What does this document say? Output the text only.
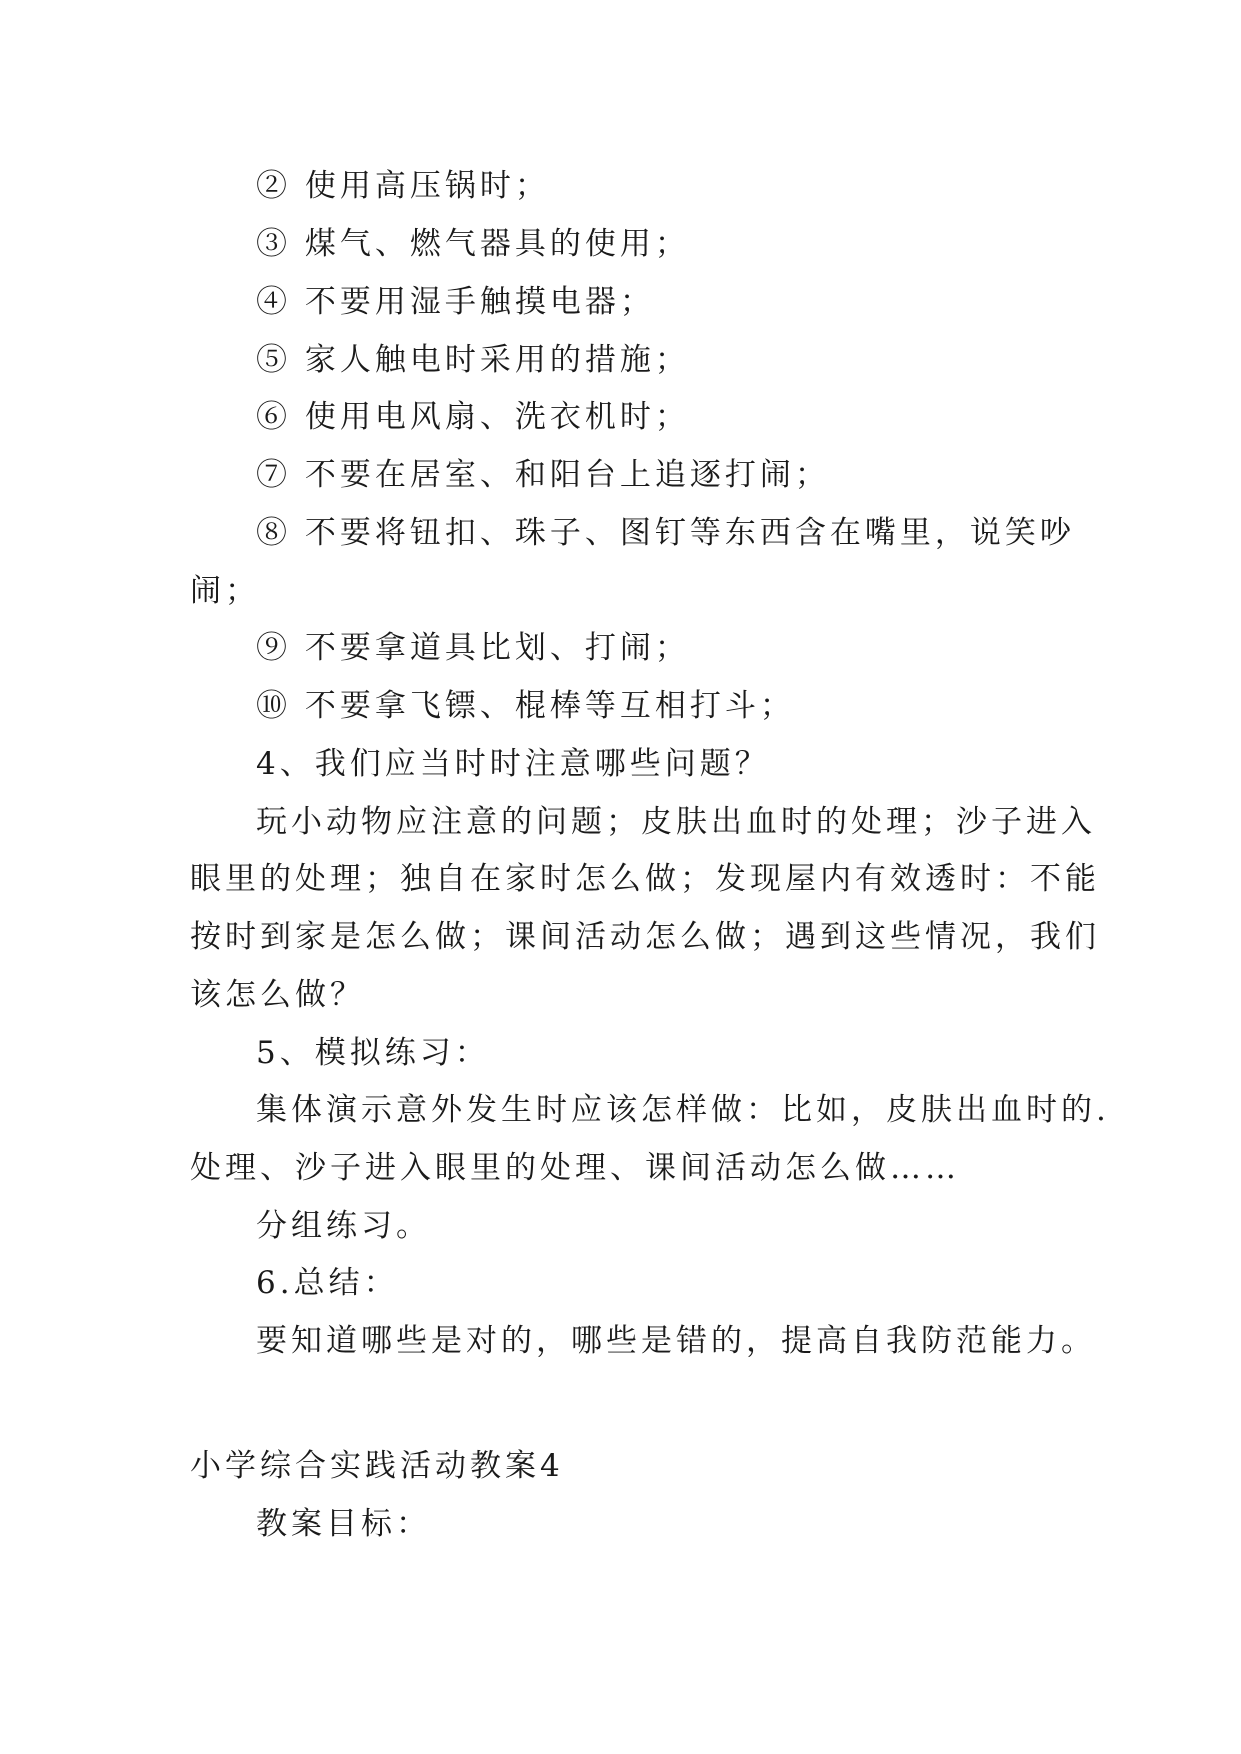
② 使用高压锅时；
③ 煤气、燃气器具的使用；
④ 不要用湿手触摸电器；
⑤ 家人触电时采用的措施；
⑥ 使用电风扇、洗衣机时；
⑦ 不要在居室、和阳台上追逐打闹；
⑧ 不要将钮扣、珠子、图钉等东西含在嘴里，说笑吵
闹；
⑨ 不要拿道具比划、打闹；
⑩ 不要拿飞镖、棍棒等互相打斗；
4、我们应当时时注意哪些问题？
玩小动物应注意的问题；皮肤出血时的处理；沙子进入
眼里的处理；独自在家时怎么做；发现屋内有效透时：不能
按时到家是怎么做；课间活动怎么做；遇到这些情况，我们
该怎么做？
5、模拟练习：
集体演示意外发生时应该怎样做：比如，皮肤出血时的.
处理、沙子进入眼里的处理、课间活动怎么做……
分组练习。
6.总结：
要知道哪些是对的，哪些是错的，提高自我防范能力。
小学综合实践活动教案4
教案目标：
